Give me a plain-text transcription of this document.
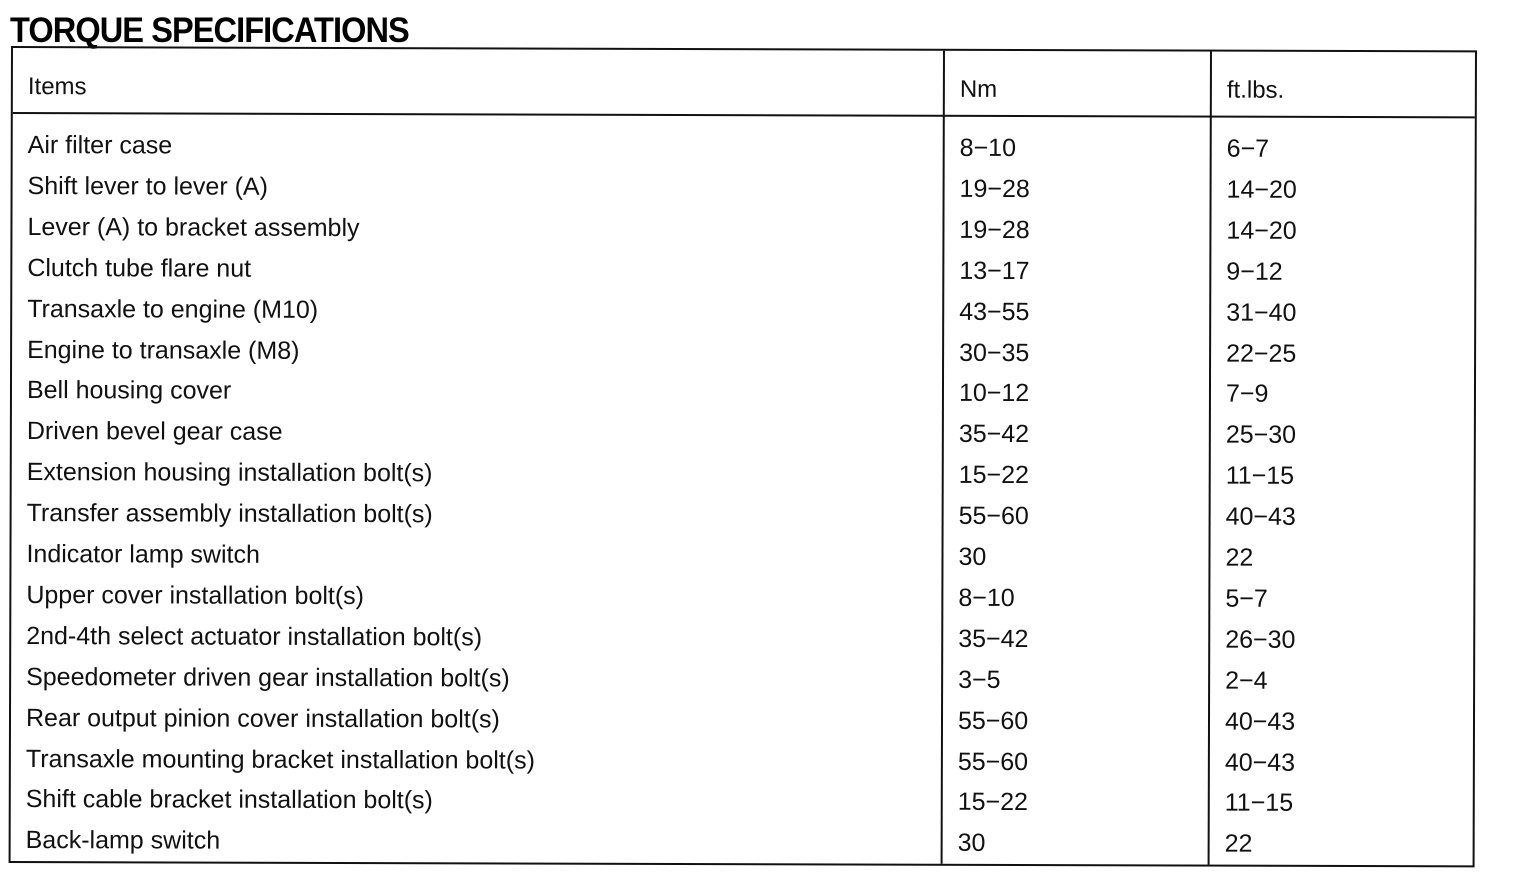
TORQUE SPECIFICATIONS
Items	Nm	ft.lbs.
Air filter case	8−10	6−7
Shift lever to lever (A)	19−28	14−20
Lever (A) to bracket assembly	19−28	14−20
Clutch tube flare nut	13−17	9−12
Transaxle to engine (M10)	43−55	31−40
Engine to transaxle (M8)	30−35	22−25
Bell housing cover	10−12	7−9
Driven bevel gear case	35−42	25−30
Extension housing installation bolt(s)	15−22	11−15
Transfer assembly installation bolt(s)	55−60	40−43
Indicator lamp switch	30	22
Upper cover installation bolt(s)	8−10	5−7
2nd-4th select actuator installation bolt(s)	35−42	26−30
Speedometer driven gear installation bolt(s)	3−5	2−4
Rear output pinion cover installation bolt(s)	55−60	40−43
Transaxle mounting bracket installation bolt(s)	55−60	40−43
Shift cable bracket installation bolt(s)	15−22	11−15
Back-lamp switch	30	22
